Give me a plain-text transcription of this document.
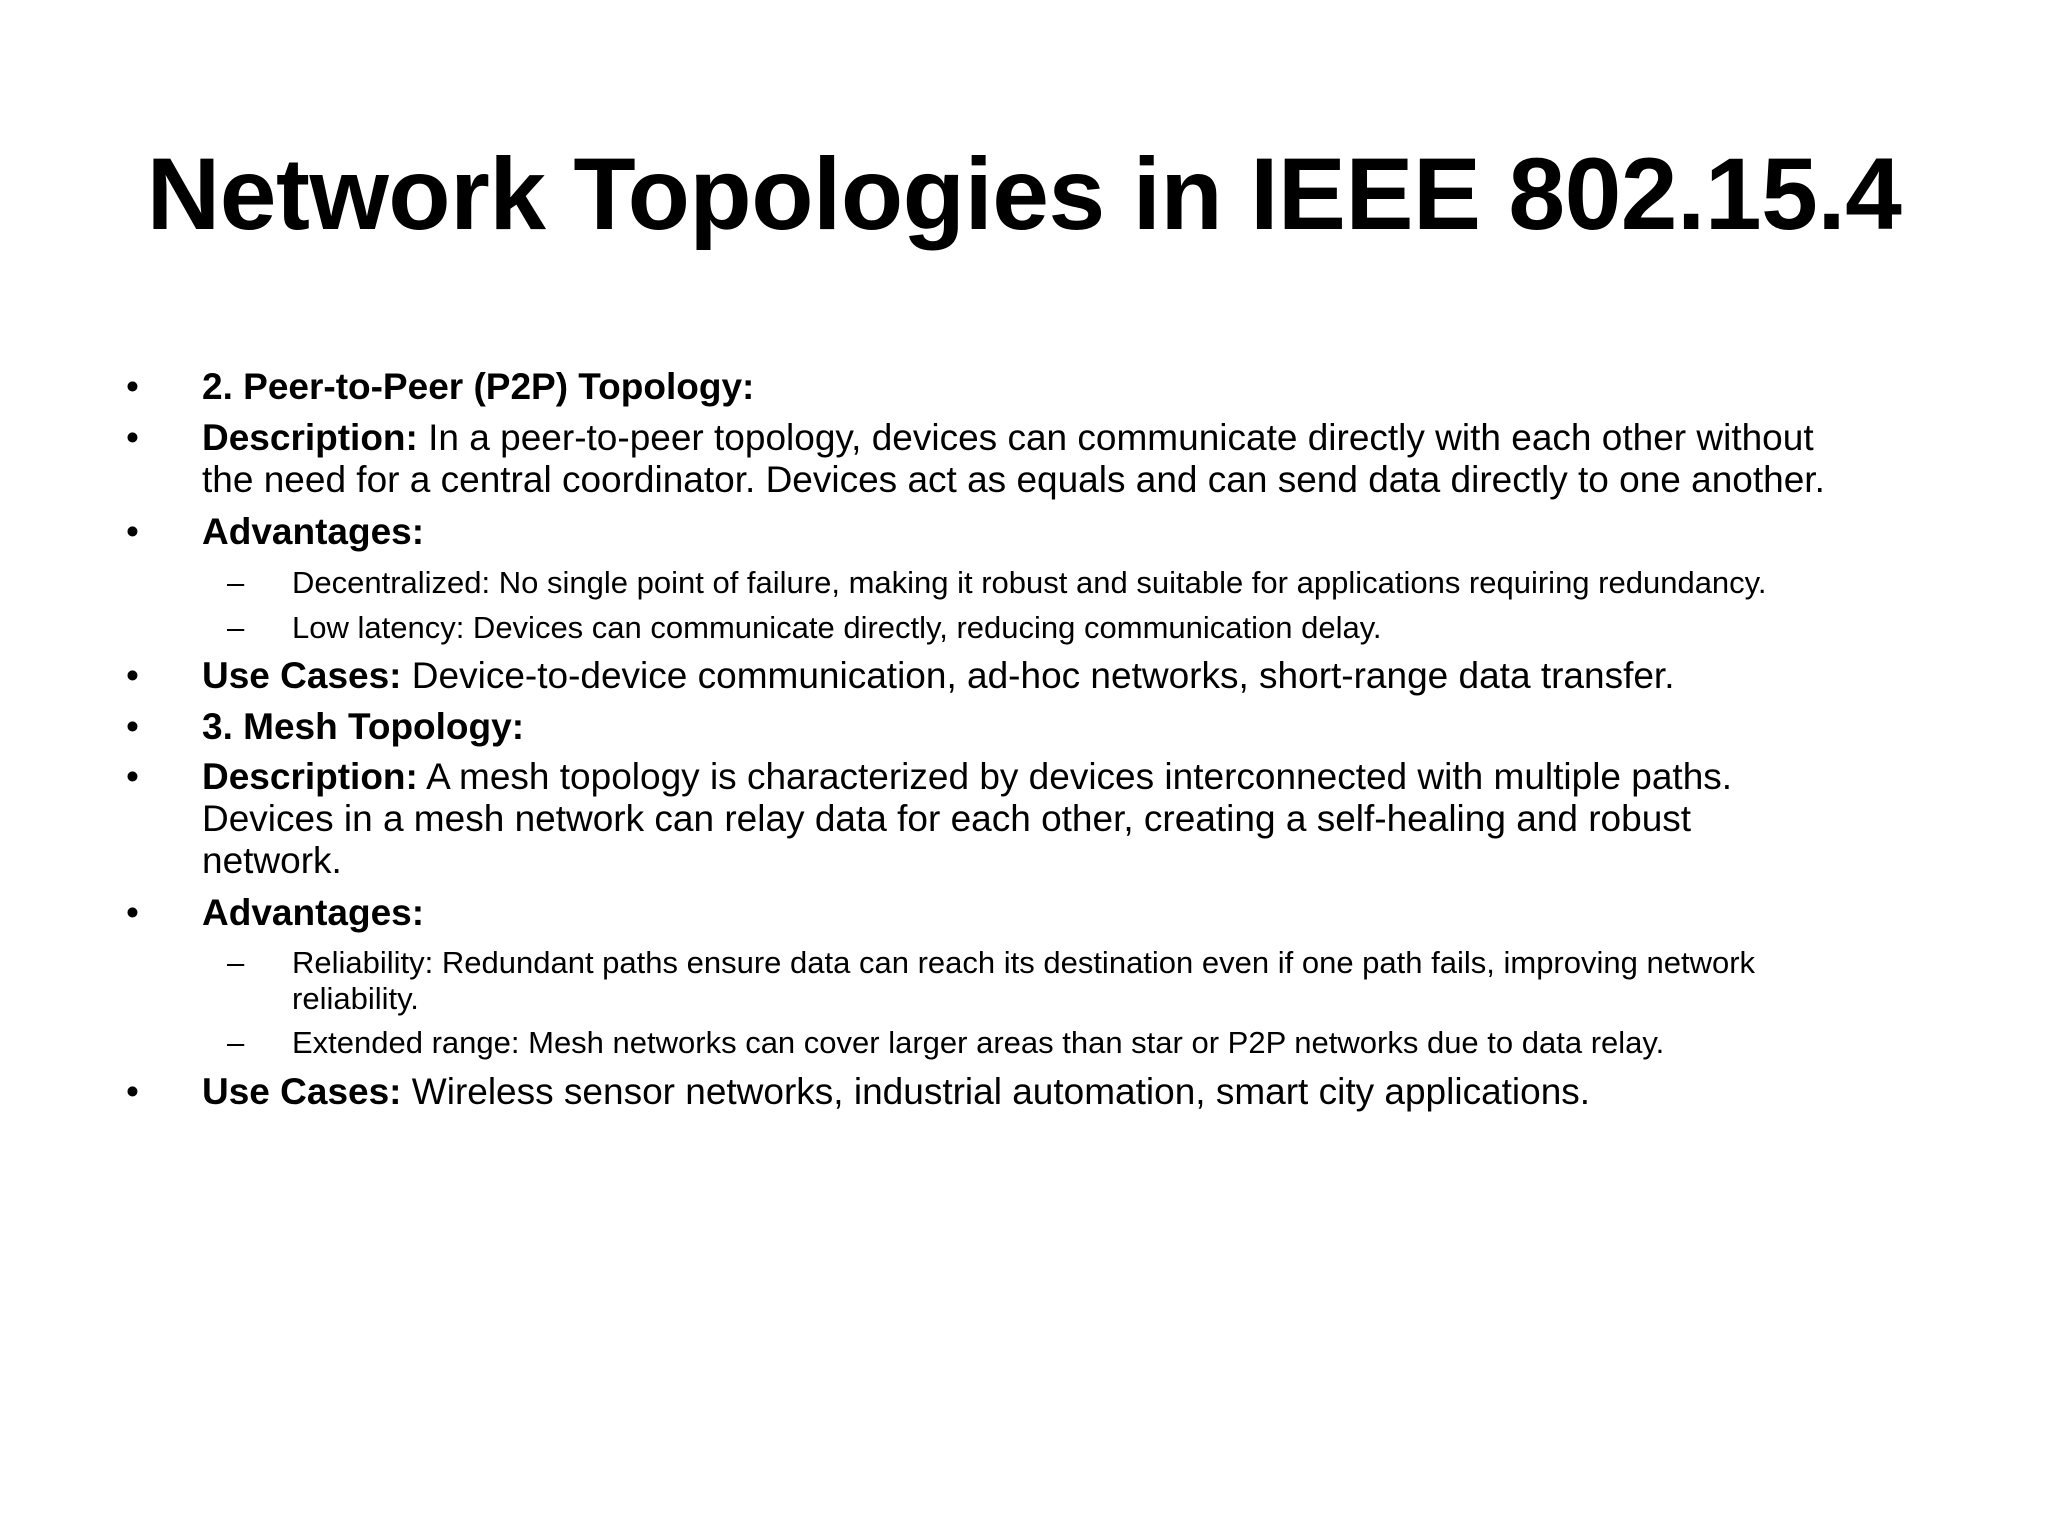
Network Topologies in IEEE 802.15.4
• 2. Peer-to-Peer (P2P) Topology:
• Description: In a peer-to-peer topology, devices can communicate directly with each other without
the need for a central coordinator. Devices act as equals and can send data directly to one another.
• Advantages:
– Decentralized: No single point of failure, making it robust and suitable for applications requiring redundancy.
– Low latency: Devices can communicate directly, reducing communication delay.
• Use Cases: Device-to-device communication, ad-hoc networks, short-range data transfer.
• 3. Mesh Topology:
• Description: A mesh topology is characterized by devices interconnected with multiple paths.
Devices in a mesh network can relay data for each other, creating a self-healing and robust
network.
• Advantages:
– Reliability: Redundant paths ensure data can reach its destination even if one path fails, improving network
reliability.
– Extended range: Mesh networks can cover larger areas than star or P2P networks due to data relay.
• Use Cases: Wireless sensor networks, industrial automation, smart city applications.
